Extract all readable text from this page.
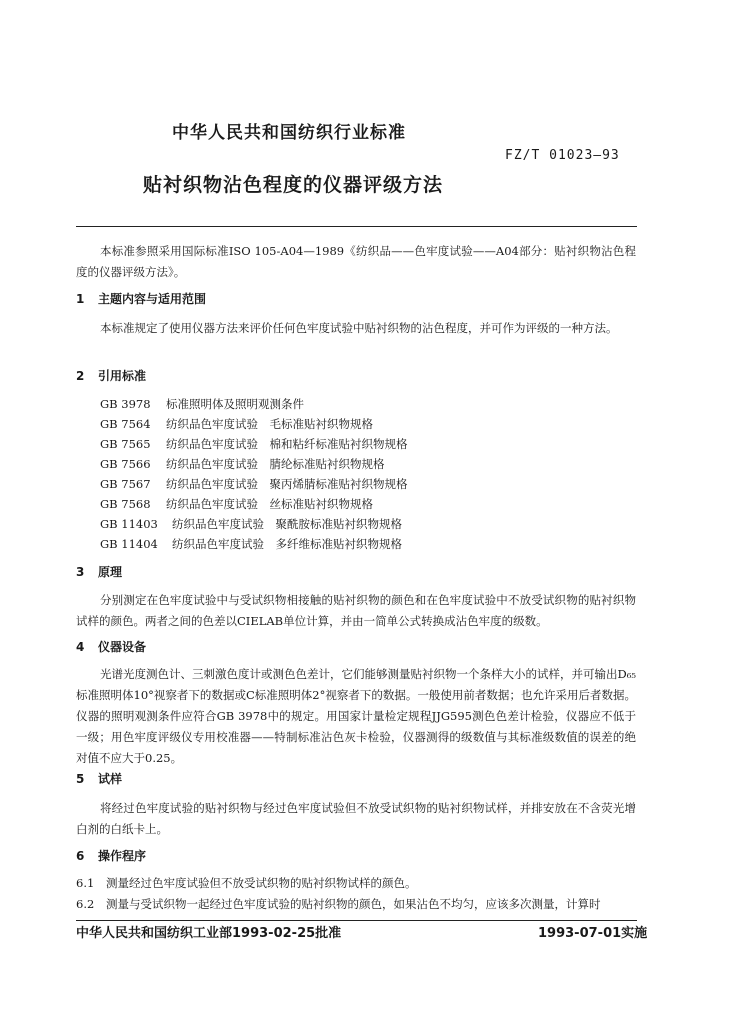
中华人民共和国纺织行业标准
FZ/T 01023—93
贴衬织物沾色程度的仪器评级方法
本标准参照采用国际标准ISO 105-A04—1989《纺织品——色牢度试验——A04部分：贴衬织物沾色程度的仪器评级方法》。
1 主题内容与适用范围
本标准规定了使用仪器方法来评价任何色牢度试验中贴衬织物的沾色程度，并可作为评级的一种方法。
2 引用标准
GB 3978 标准照明体及照明观测条件
GB 7564 纺织品色牢度试验　毛标准贴衬织物规格
GB 7565 纺织品色牢度试验　棉和粘纤标准贴衬织物规格
GB 7566 纺织品色牢度试验　腈纶标准贴衬织物规格
GB 7567 纺织品色牢度试验　聚丙烯腈标准贴衬织物规格
GB 7568 纺织品色牢度试验　丝标准贴衬织物规格
GB 11403 纺织品色牢度试验　聚酰胺标准贴衬织物规格
GB 11404 纺织品色牢度试验　多纤维标准贴衬织物规格
3 原理
分别测定在色牢度试验中与受试织物相接触的贴衬织物的颜色和在色牢度试验中不放受试织物的贴衬织物试样的颜色。两者之间的色差以CIELAB单位计算，并由一简单公式转换成沾色牢度的级数。
4 仪器设备
光谱光度测色计、三刺激色度计或测色色差计，它们能够测量贴衬织物一个条样大小的试样，并可输出D₆₅标准照明体10°视察者下的数据或C标准照明体2°视察者下的数据。一般使用前者数据；也允许采用后者数据。仪器的照明观测条件应符合GB 3978中的规定。用国家计量检定规程JJG595测色色差计检验，仪器应不低于一级；用色牢度评级仪专用校准器——特制标准沾色灰卡检验，仪器测得的级数值与其标准级数值的误差的绝对值不应大于0.25。
5 试样
将经过色牢度试验的贴衬织物与经过色牢度试验但不放受试织物的贴衬织物试样，并排安放在不含荧光增白剂的白纸卡上。
6 操作程序
6.1 测量经过色牢度试验但不放受试织物的贴衬织物试样的颜色。
6.2 测量与受试织物一起经过色牢度试验的贴衬织物的颜色，如果沾色不均匀，应该多次测量，计算时
中华人民共和国纺织工业部1993-02-25批准	1993-07-01实施
